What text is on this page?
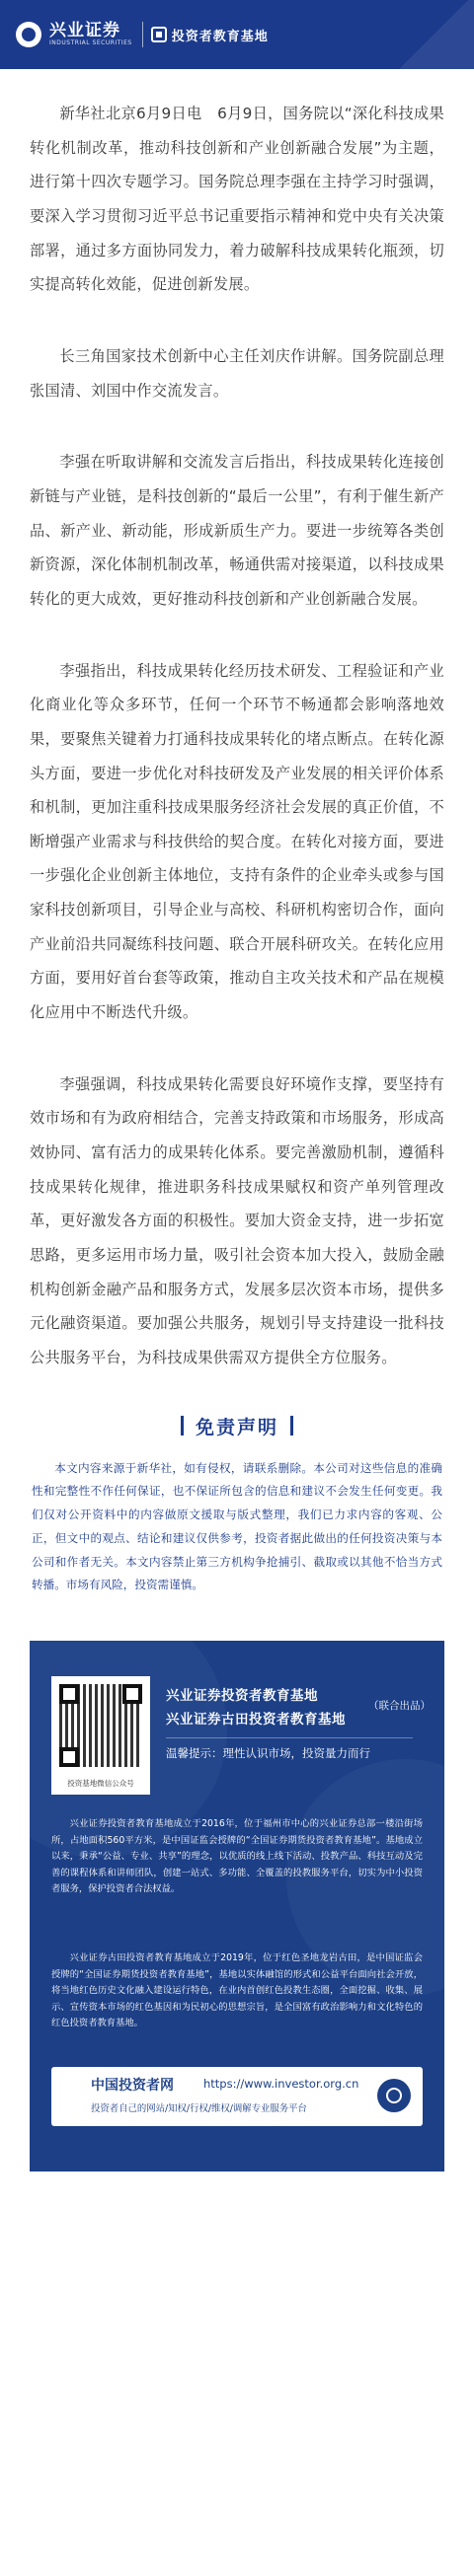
兴业证券
INDUSTRIAL SECURITIES	投资者教育基地

新华社北京6月9日电　6月9日，国务院以“深化科技成果转化机制改革，推动科技创新和产业创新融合发展”为主题，进行第十四次专题学习。国务院总理李强在主持学习时强调，要深入学习贯彻习近平总书记重要指示精神和党中央有关决策部署，通过多方面协同发力，着力破解科技成果转化瓶颈，切实提高转化效能，促进创新发展。

长三角国家技术创新中心主任刘庆作讲解。国务院副总理张国清、刘国中作交流发言。

李强在听取讲解和交流发言后指出，科技成果转化连接创新链与产业链，是科技创新的“最后一公里”，有利于催生新产品、新产业、新动能，形成新质生产力。要进一步统筹各类创新资源，深化体制机制改革，畅通供需对接渠道，以科技成果转化的更大成效，更好推动科技创新和产业创新融合发展。

李强指出，科技成果转化经历技术研发、工程验证和产业化商业化等众多环节，任何一个环节不畅通都会影响落地效果，要聚焦关键着力打通科技成果转化的堵点断点。在转化源头方面，要进一步优化对科技研发及产业发展的相关评价体系和机制，更加注重科技成果服务经济社会发展的真正价值，不断增强产业需求与科技供给的契合度。在转化对接方面，要进一步强化企业创新主体地位，支持有条件的企业牵头或参与国家科技创新项目，引导企业与高校、科研机构密切合作，面向产业前沿共同凝练科技问题、联合开展科研攻关。在转化应用方面，要用好首台套等政策，推动自主攻关技术和产品在规模化应用中不断迭代升级。

李强强调，科技成果转化需要良好环境作支撑，要坚持有效市场和有为政府相结合，完善支持政策和市场服务，形成高效协同、富有活力的成果转化体系。要完善激励机制，遵循科技成果转化规律，推进职务科技成果赋权和资产单列管理改革，更好激发各方面的积极性。要加大资金支持，进一步拓宽思路，更多运用市场力量，吸引社会资本加大投入，鼓励金融机构创新金融产品和服务方式，发展多层次资本市场，提供多元化融资渠道。要加强公共服务，规划引导支持建设一批科技公共服务平台，为科技成果供需双方提供全方位服务。

免责声明

本文内容来源于新华社，如有侵权，请联系删除。本公司对这些信息的准确性和完整性不作任何保证，也不保证所包含的信息和建议不会发生任何变更。我们仅对公开资料中的内容做原文援取与版式整理，我们已力求内容的客观、公正，但文中的观点、结论和建议仅供参考，投资者据此做出的任何投资决策与本公司和作者无关。本文内容禁止第三方机构争抢捕引、截取或以其他不恰当方式转播。市场有风险，投资需谨慎。

投资基地微信公众号
兴业证券投资者教育基地
兴业证券古田投资者教育基地
（联合出品）
温馨提示：理性认识市场，投资量力而行

兴业证券投资者教育基地成立于2016年，位于福州市中心的兴业证券总部一楼沿街场所，占地面积560平方米，是中国证监会授牌的“全国证券期货投资者教育基地”。基地成立以来，秉承“公益、专业、共享”的理念，以优质的线上线下活动、投教产品、科技互动及完善的课程体系和讲师团队，创建一站式、多功能、全覆盖的投教服务平台，切实为中小投资者服务，保护投资者合法权益。

兴业证券古田投资者教育基地成立于2019年，位于红色圣地龙岩古田，是中国证监会授牌的“全国证券期货投资者教育基地”，基地以实体融馆的形式和公益平台面向社会开放，将当地红色历史文化融入建设运行特色，在业内首创红色投教生态圈，全面挖掘、收集、展示、宣传资本市场的红色基因和为民初心的思想宗旨，是全国富有政治影响力和文化特色的红色投资者教育基地。

中国投资者网	https://www.investor.org.cn
投资者自己的网站/知权/行权/维权/调解专业服务平台
